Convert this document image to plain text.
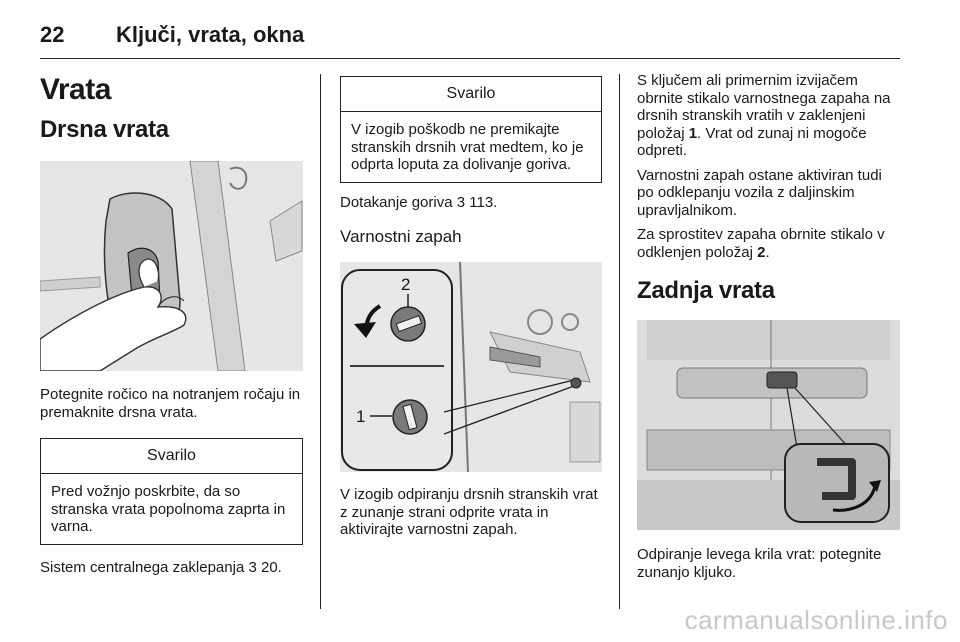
22 Ključi, vrata, okna
Vrata
Drsna vrata

Potegnite ročico na notranjem ročaju in premaknite drsna vrata.

Svarilo
Pred vožnjo poskrbite, da so stranska vrata popolnoma zaprta in varna.

Sistem centralnega zaklepanja 3 20.

Svarilo
V izogib poškodb ne premikajte stranskih drsnih vrat medtem, ko je odprta loputa za dolivanje goriva.

Dotakanje goriva 3 113.

Varnostni zapah
2
1

V izogib odpiranju drsnih stranskih vrat z zunanje strani odprite vrata in aktivirajte varnostni zapah.

S ključem ali primernim izvijačem obrnite stikalo varnostnega zapaha na drsnih stranskih vratih v zaklenjeni položaj 1. Vrat od zunaj ni mogoče odpreti.

Varnostni zapah ostane aktiviran tudi po odklepanju vozila z daljinskim upravljalnikom.

Za sprostitev zapaha obrnite stikalo v odklenjen položaj 2.

Zadnja vrata

Odpiranje levega krila vrat: potegnite zunanjo kljuko.

carmanualsonline.info
